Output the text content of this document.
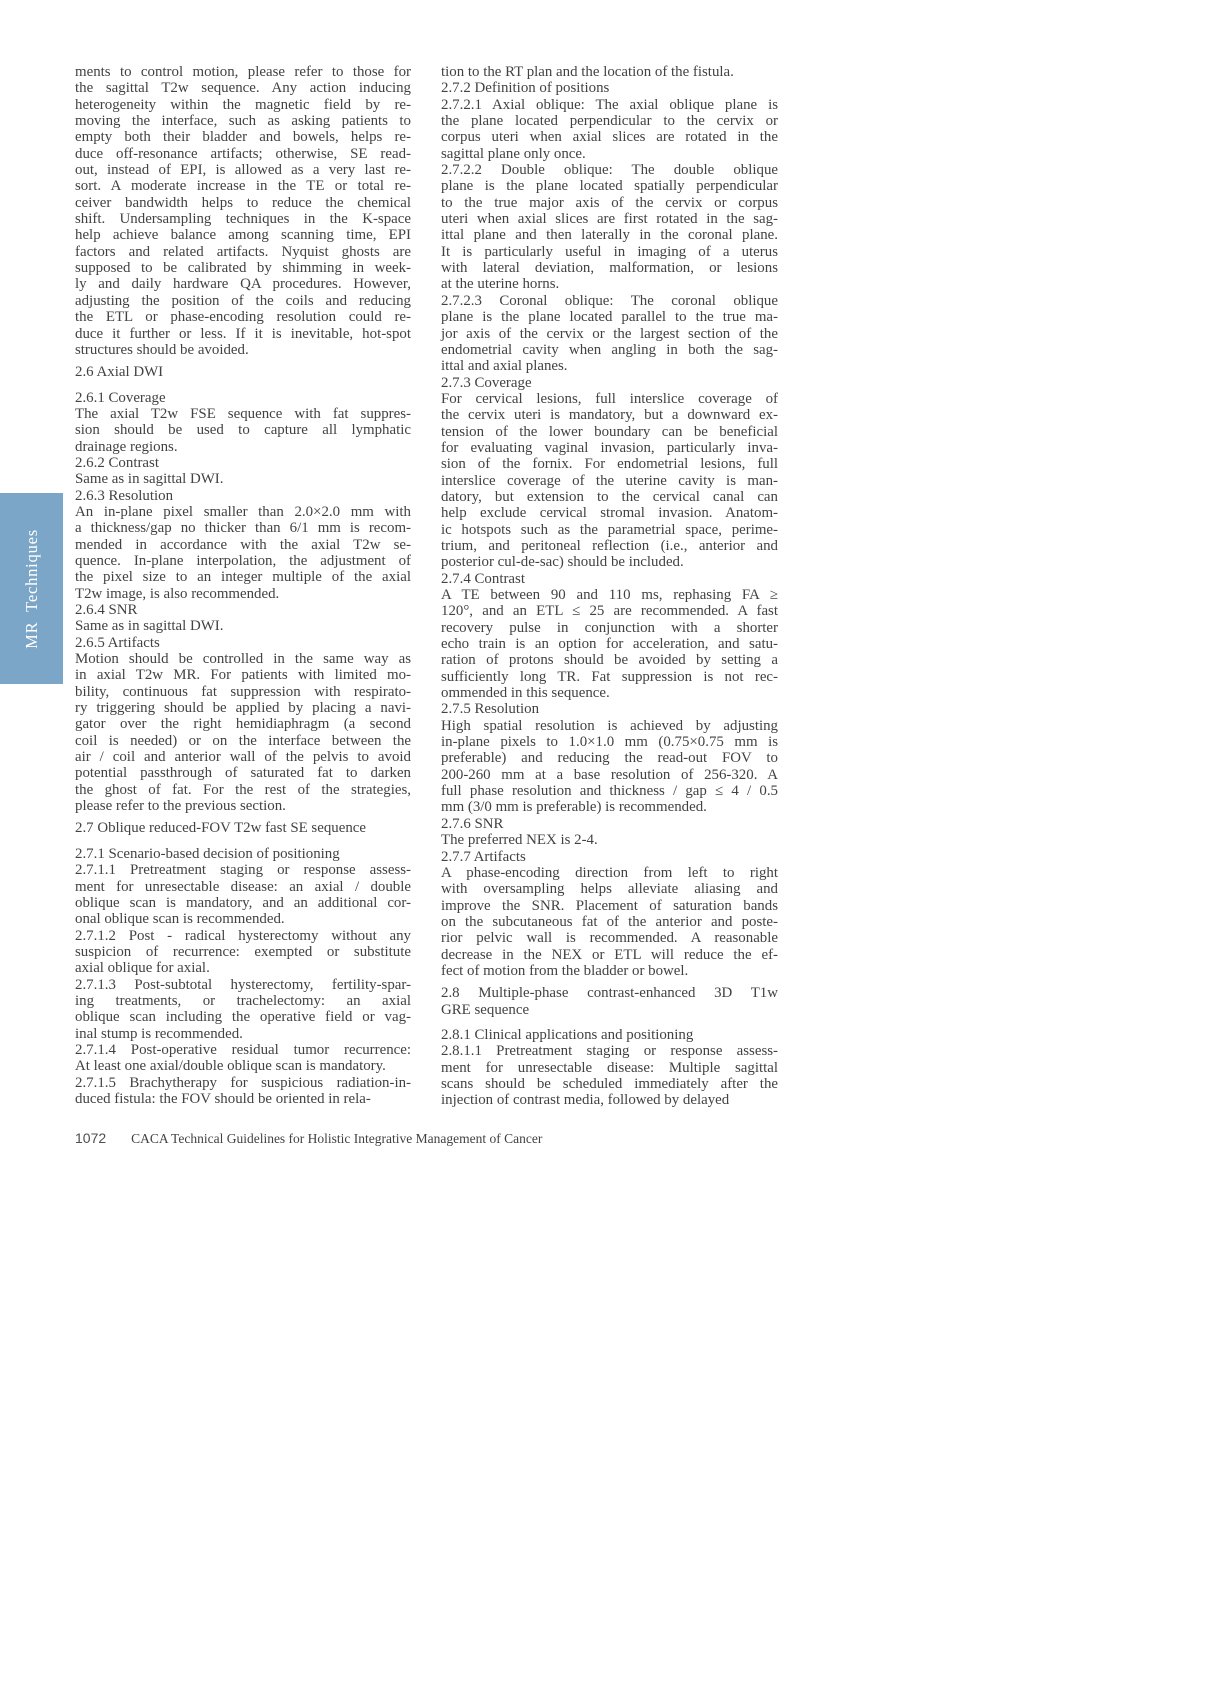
MR Techniques
ments to control motion, please refer to those for
the sagittal T2w sequence. Any action inducing
heterogeneity within the magnetic field by re-
moving the interface, such as asking patients to
empty both their bladder and bowels, helps re-
duce off-resonance artifacts; otherwise, SE read-
out, instead of EPI, is allowed as a very last re-
sort. A moderate increase in the TE or total re-
ceiver bandwidth helps to reduce the chemical
shift. Undersampling techniques in the K-space
help achieve balance among scanning time, EPI
factors and related artifacts. Nyquist ghosts are
supposed to be calibrated by shimming in week-
ly and daily hardware QA procedures. However,
adjusting the position of the coils and reducing
the ETL or phase-encoding resolution could re-
duce it further or less. If it is inevitable, hot-spot
structures should be avoided.
2.6 Axial DWI
2.6.1 Coverage
The axial T2w FSE sequence with fat suppres-
sion should be used to capture all lymphatic
drainage regions.
2.6.2 Contrast
Same as in sagittal DWI.
2.6.3 Resolution
An in-plane pixel smaller than 2.0×2.0 mm with
a thickness/gap no thicker than 6/1 mm is recom-
mended in accordance with the axial T2w se-
quence. In-plane interpolation, the adjustment of
the pixel size to an integer multiple of the axial
T2w image, is also recommended.
2.6.4 SNR
Same as in sagittal DWI.
2.6.5 Artifacts
Motion should be controlled in the same way as
in axial T2w MR. For patients with limited mo-
bility, continuous fat suppression with respirato-
ry triggering should be applied by placing a navi-
gator over the right hemidiaphragm (a second
coil is needed) or on the interface between the
air / coil and anterior wall of the pelvis to avoid
potential passthrough of saturated fat to darken
the ghost of fat. For the rest of the strategies,
please refer to the previous section.
2.7 Oblique reduced-FOV T2w fast SE sequence
2.7.1 Scenario-based decision of positioning
2.7.1.1 Pretreatment staging or response assess-
ment for unresectable disease: an axial / double
oblique scan is mandatory, and an additional cor-
onal oblique scan is recommended.
2.7.1.2 Post - radical hysterectomy without any
suspicion of recurrence: exempted or substitute
axial oblique for axial.
2.7.1.3 Post-subtotal hysterectomy, fertility-spar-
ing treatments, or trachelectomy: an axial
oblique scan including the operative field or vag-
inal stump is recommended.
2.7.1.4 Post-operative residual tumor recurrence:
At least one axial/double oblique scan is mandatory.
2.7.1.5 Brachytherapy for suspicious radiation-in-
duced fistula: the FOV should be oriented in rela-
tion to the RT plan and the location of the fistula.
2.7.2 Definition of positions
2.7.2.1 Axial oblique: The axial oblique plane is
the plane located perpendicular to the cervix or
corpus uteri when axial slices are rotated in the
sagittal plane only once.
2.7.2.2 Double oblique: The double oblique
plane is the plane located spatially perpendicular
to the true major axis of the cervix or corpus
uteri when axial slices are first rotated in the sag-
ittal plane and then laterally in the coronal plane.
It is particularly useful in imaging of a uterus
with lateral deviation, malformation, or lesions
at the uterine horns.
2.7.2.3 Coronal oblique: The coronal oblique
plane is the plane located parallel to the true ma-
jor axis of the cervix or the largest section of the
endometrial cavity when angling in both the sag-
ittal and axial planes.
2.7.3 Coverage
For cervical lesions, full interslice coverage of
the cervix uteri is mandatory, but a downward ex-
tension of the lower boundary can be beneficial
for evaluating vaginal invasion, particularly inva-
sion of the fornix. For endometrial lesions, full
interslice coverage of the uterine cavity is man-
datory, but extension to the cervical canal can
help exclude cervical stromal invasion. Anatom-
ic hotspots such as the parametrial space, perime-
trium, and peritoneal reflection (i.e., anterior and
posterior cul-de-sac) should be included.
2.7.4 Contrast
A TE between 90 and 110 ms, rephasing FA ≥
120°, and an ETL ≤ 25 are recommended. A fast
recovery pulse in conjunction with a shorter
echo train is an option for acceleration, and satu-
ration of protons should be avoided by setting a
sufficiently long TR. Fat suppression is not rec-
ommended in this sequence.
2.7.5 Resolution
High spatial resolution is achieved by adjusting
in-plane pixels to 1.0×1.0 mm (0.75×0.75 mm is
preferable) and reducing the read-out FOV to
200-260 mm at a base resolution of 256-320. A
full phase resolution and thickness / gap ≤ 4 / 0.5
mm (3/0 mm is preferable) is recommended.
2.7.6 SNR
The preferred NEX is 2-4.
2.7.7 Artifacts
A phase-encoding direction from left to right
with oversampling helps alleviate aliasing and
improve the SNR. Placement of saturation bands
on the subcutaneous fat of the anterior and poste-
rior pelvic wall is recommended. A reasonable
decrease in the NEX or ETL will reduce the ef-
fect of motion from the bladder or bowel.
2.8 Multiple-phase contrast-enhanced 3D T1w
GRE sequence
2.8.1 Clinical applications and positioning
2.8.1.1 Pretreatment staging or response assess-
ment for unresectable disease: Multiple sagittal
scans should be scheduled immediately after the
injection of contrast media, followed by delayed
1072 CACA Technical Guidelines for Holistic Integrative Management of Cancer
